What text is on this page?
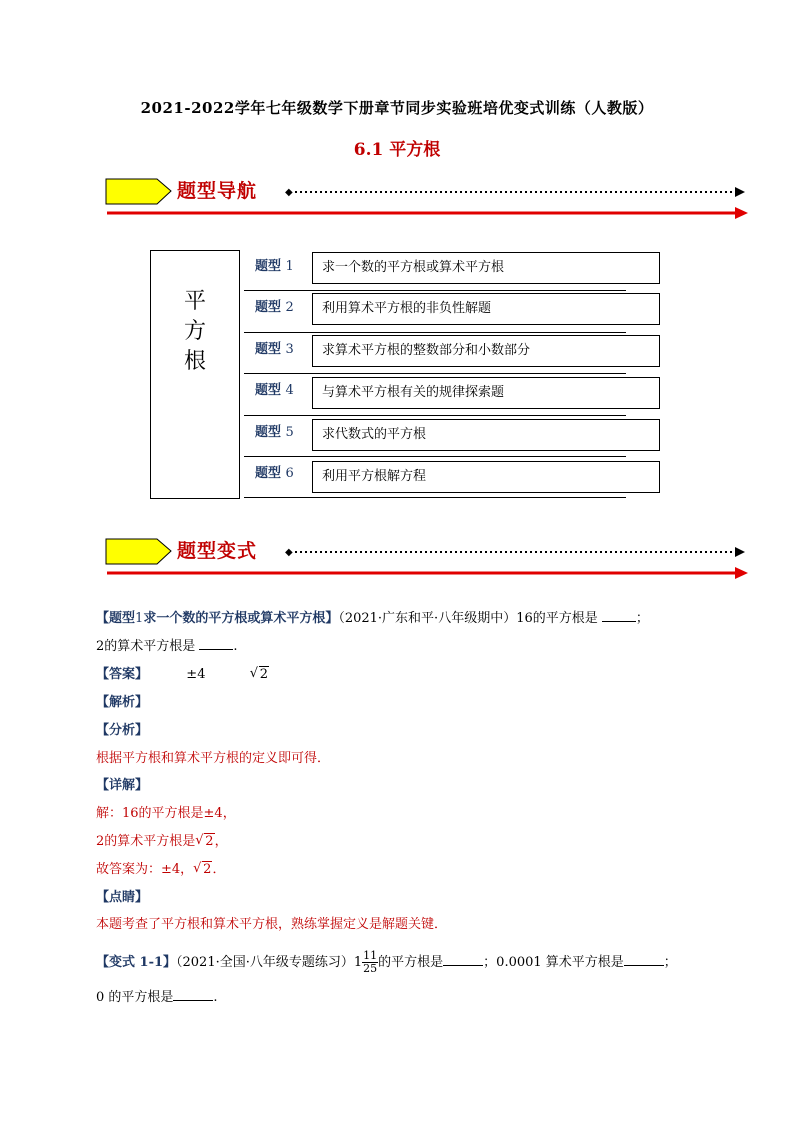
2021-2022学年七年级数学下册章节同步实验班培优变式训练（人教版）
6.1 平方根
◆
题型导航
平
方
根
题型 1	求一个数的平方根或算术平方根
题型 2	利用算术平方根的非负性解题
题型 3	求算术平方根的整数部分和小数部分
题型 4	与算术平方根有关的规律探索题
题型 5	求代数式的平方根
题型 6	利用平方根解方程
◆
题型变式
【题型1求一个数的平方根或算术平方根】（2021·广东和平·八年级期中）16的平方根是	；
2的算术平方根是	.
【答案】	±4	√ 2
【解析】
【分析】
根据平方根和算术平方根的定义即可得．
【详解】
解：16的平方根是±4，
2的算术平方根是 √ 2，
故答案为：±4， √ 2．
【点睛】
本题考查了平方根和算术平方根，熟练掌握定义是解题关键．
【变式 1-1】（2021·全国·八年级专题练习）$1 \frac{11}{25}$ 的平方根是	；0.0001 算术平方根是	；
0 的平方根是	.
